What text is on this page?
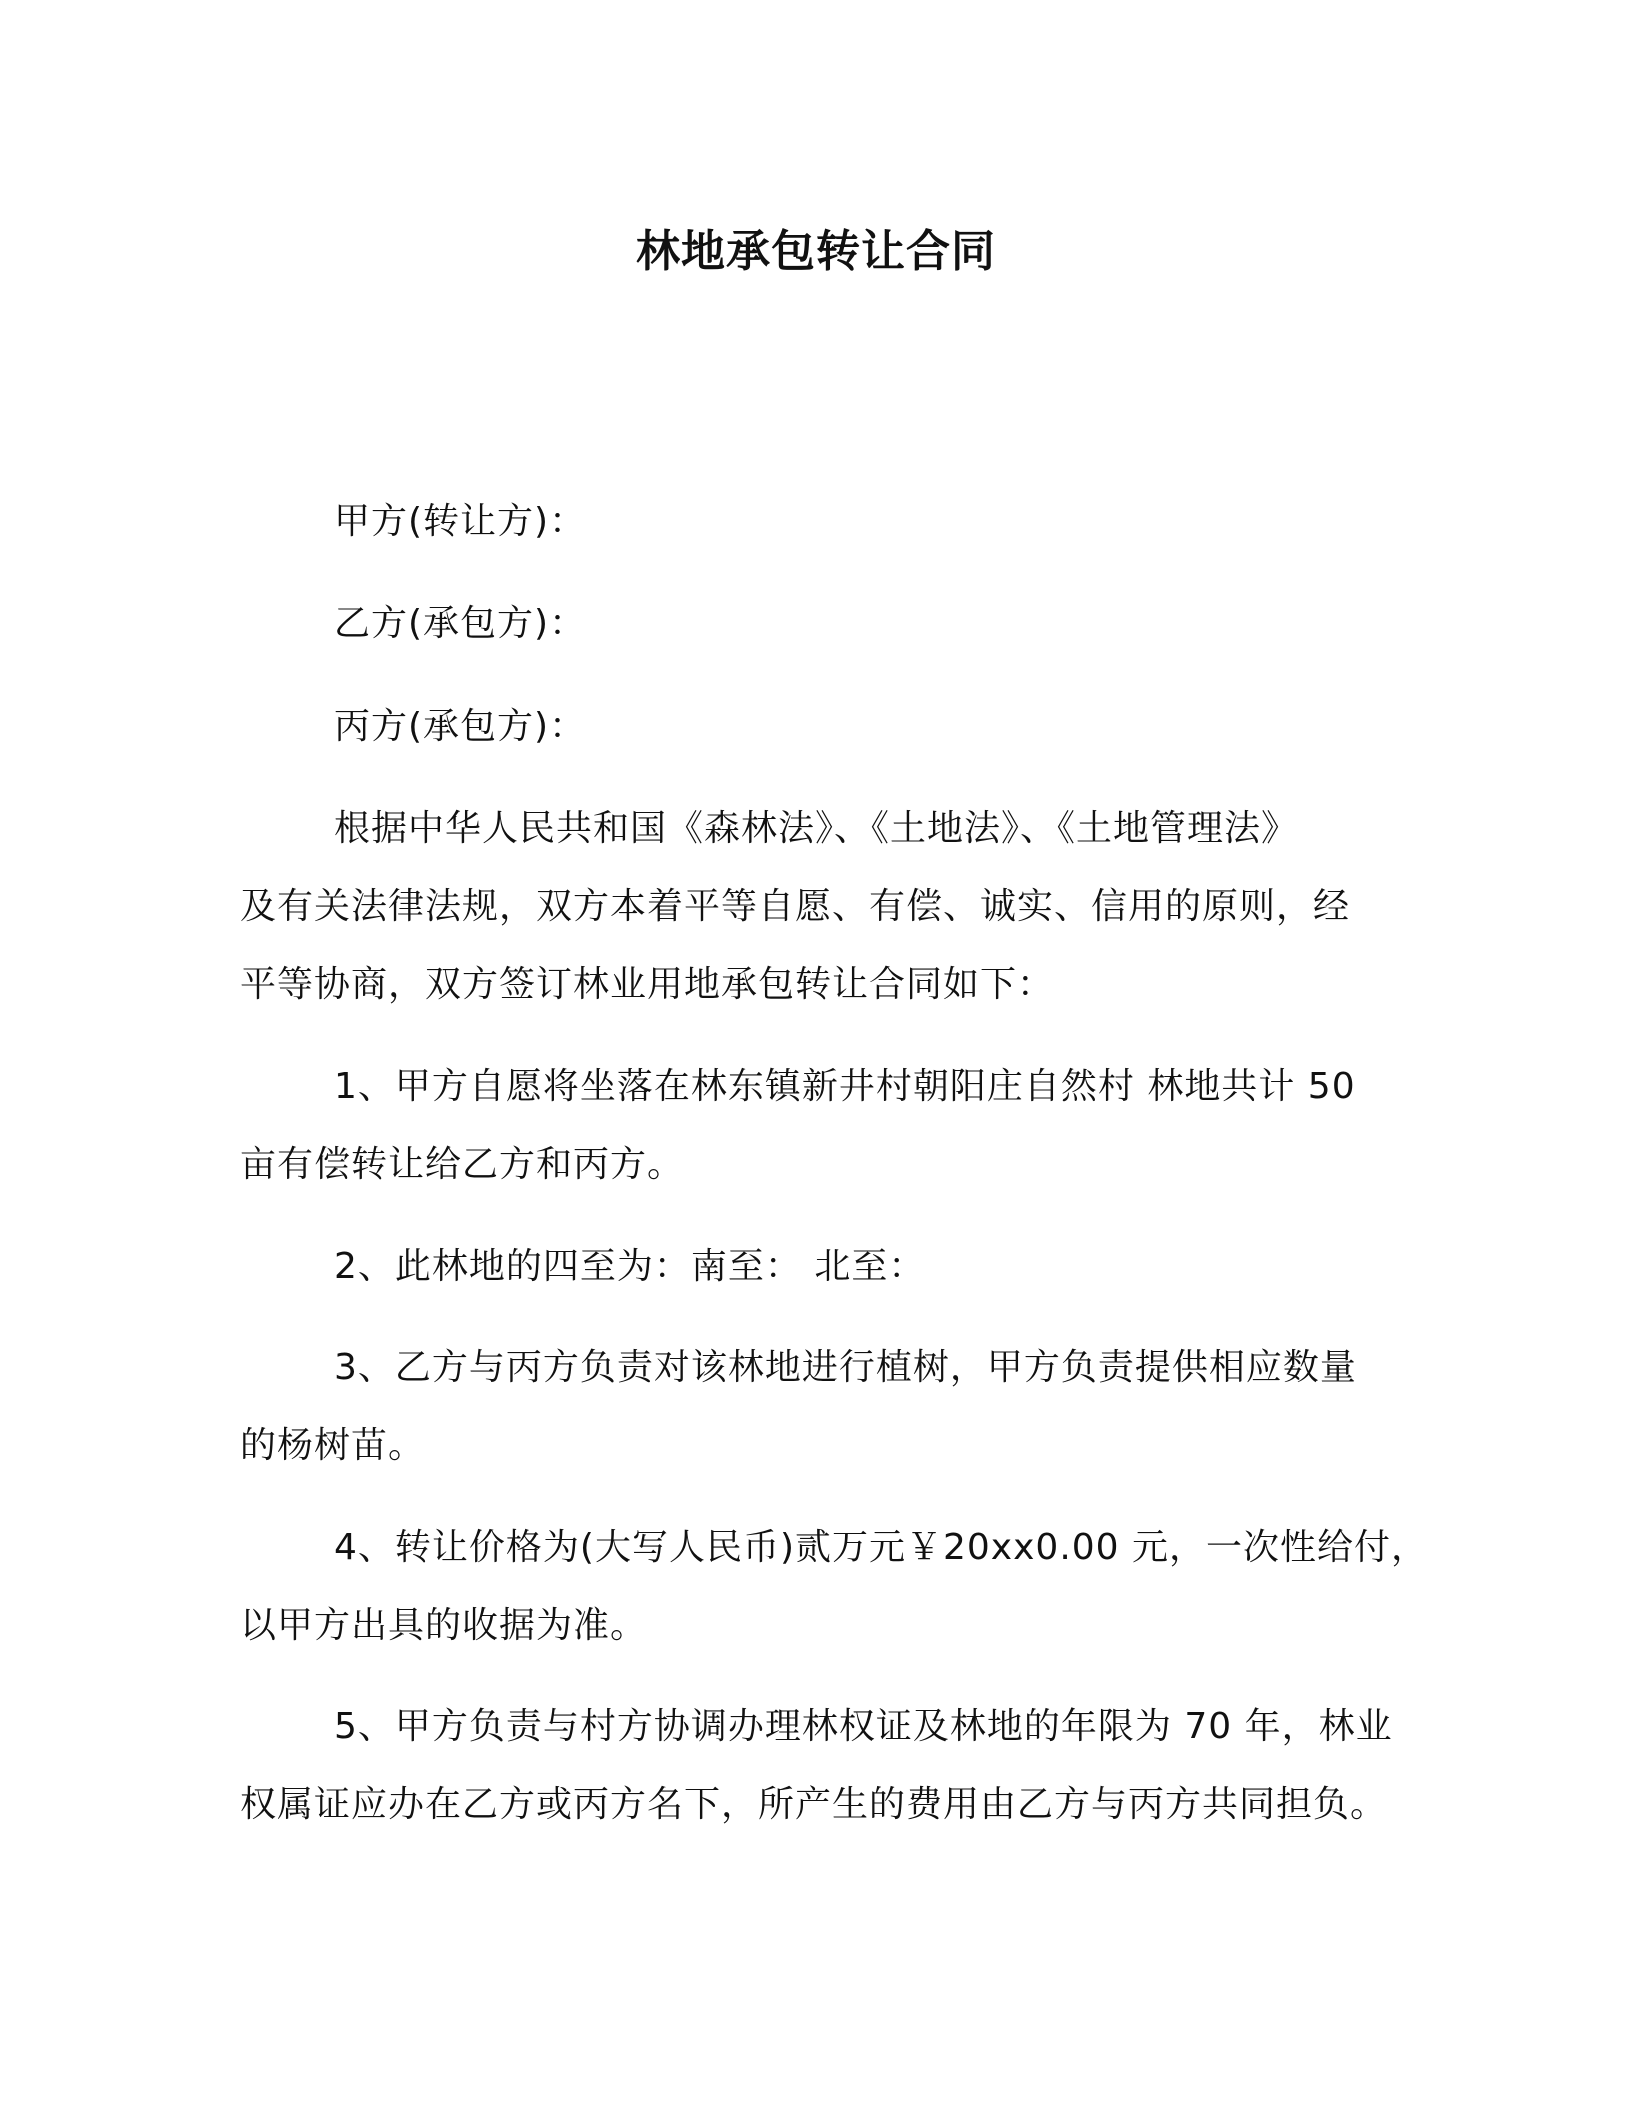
林地承包转让合同
甲方(转让方)：
乙方(承包方)：
丙方(承包方)：
根据中华人民共和国《森林法》、《土地法》、《土地管理法》
及有关法律法规，双方本着平等自愿、有偿、诚实、信用的原则，经
平等协商，双方签订林业用地承包转让合同如下：
1、甲方自愿将坐落在林东镇新井村朝阳庄自然村 林地共计 50
亩有偿转让给乙方和丙方。
2、此林地的四至为：南至： 北至：
3、乙方与丙方负责对该林地进行植树，甲方负责提供相应数量
的杨树苗。
4、转让价格为(大写人民币)贰万元￥20xx0.00 元，一次性给付，
以甲方出具的收据为准。
5、甲方负责与村方协调办理林权证及林地的年限为 70 年，林业
权属证应办在乙方或丙方名下，所产生的费用由乙方与丙方共同担负。
